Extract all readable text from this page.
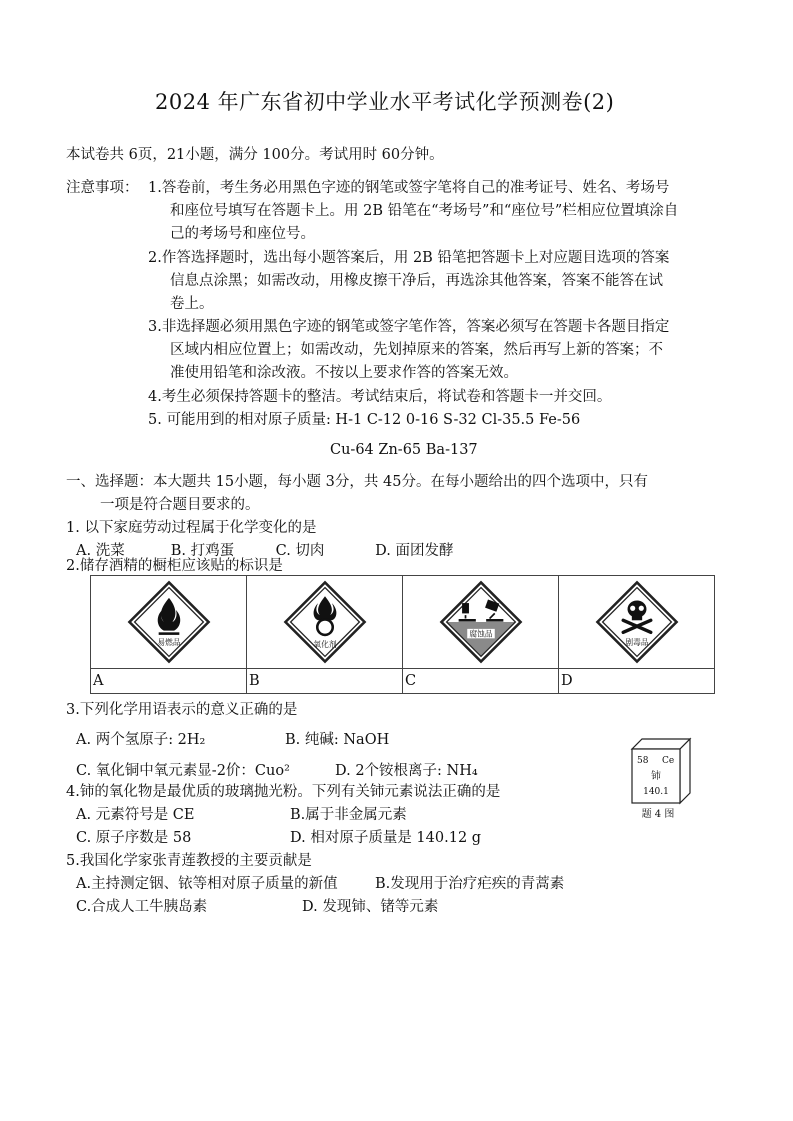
2024 年广东省初中学业水平考试化学预测卷(2)
本试卷共 6页，21小题，满分 100分。考试用时 60分钟。
注意事项： 1.答卷前，考生务必用黑色字迹的钢笔或签字笔将自己的准考证号、姓名、考场号
和座位号填写在答题卡上。用 2B 铅笔在“考场号”和“座位号”栏相应位置填涂自
己的考场号和座位号。
2.作答选择题时，选出每小题答案后，用 2B 铅笔把答题卡上对应题目选项的答案
信息点涂黑；如需改动，用橡皮擦干净后，再选涂其他答案，答案不能答在试
卷上。
3.非选择题必须用黑色字迹的钢笔或签字笔作答，答案必须写在答题卡各题目指定
区域内相应位置上；如需改动，先划掉原来的答案，然后再写上新的答案；不
准使用铅笔和涂改液。不按以上要求作答的答案无效。
4.考生必须保持答题卡的整洁。考试结束后，将试卷和答题卡一并交回。
5. 可能用到的相对原子质量: H-1 C-12 0-16 S-32 Cl-35.5 Fe-56
Cu-64 Zn-65 Ba-137
一、选择题：本大题共 15小题，每小题 3分，共 45分。在每小题给出的四个选项中，只有
一项是符合题目要求的。
1. 以下家庭劳动过程属于化学变化的是
A. 洗菜          B. 打鸡蛋         C. 切肉           D. 面团发酵
2.储存酒精的橱柜应该贴的标识是
易燃品	氧化剂	腐蚀品	剧毒品

A	B	C	D
3.下列化学用语表示的意义正确的是
A. 两个氢原子: 2H₂	B. 纯碱: NaOH
C. 氧化铜中氧元素显-2价：Cuo²	D. 2个铵根离子: NH₄
4.铈的氧化物是最优质的玻璃抛光粉。下列有关铈元素说法正确的是
A. 元素符号是 CE	B.属于非金属元素
C. 原子序数是 58	D. 相对原子质量是 140.12 g
58 Ce
铈
140.1
题 4 图
5.我国化学家张青莲教授的主要贡献是
A.主持测定铟、铱等相对原子质量的新值	B.发现用于治疗疟疾的青蒿素
C.合成人工牛胰岛素	D. 发现铈、锗等元素
